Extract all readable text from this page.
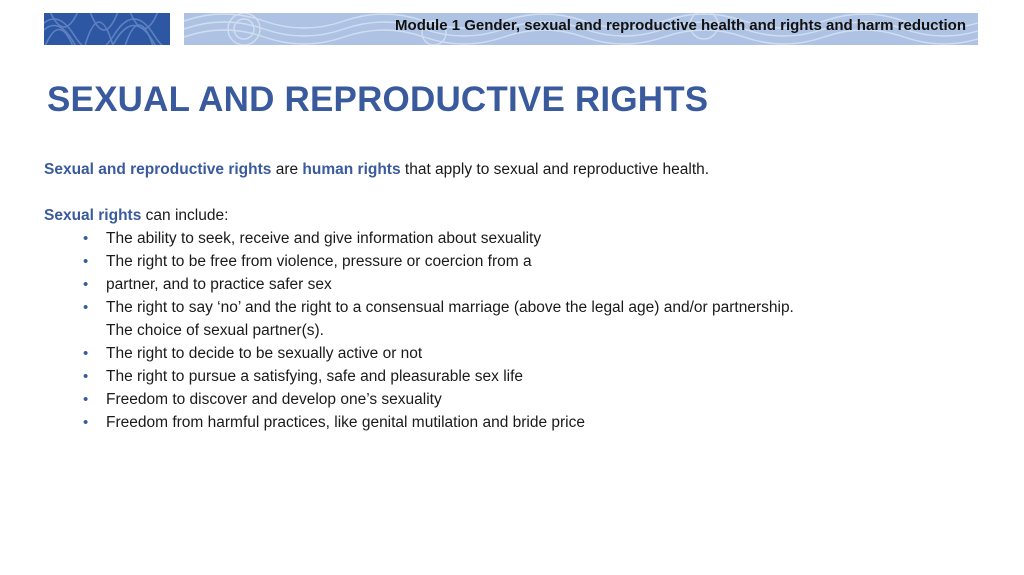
Module 1 Gender, sexual and reproductive health and rights and harm reduction
SEXUAL AND REPRODUCTIVE RIGHTS

Sexual and reproductive rights are human rights that apply to sexual and reproductive health.

Sexual rights can include:

• The ability to seek, receive and give information about sexuality
• The right to be free from violence, pressure or coercion from a
• partner, and to practice safer sex
• The right to say ‘no’ and the right to a consensual marriage (above the legal age) and/or partnership.
The choice of sexual partner(s).
• The right to decide to be sexually active or not
• The right to pursue a satisfying, safe and pleasurable sex life
• Freedom to discover and develop one’s sexuality
• Freedom from harmful practices, like genital mutilation and bride price
